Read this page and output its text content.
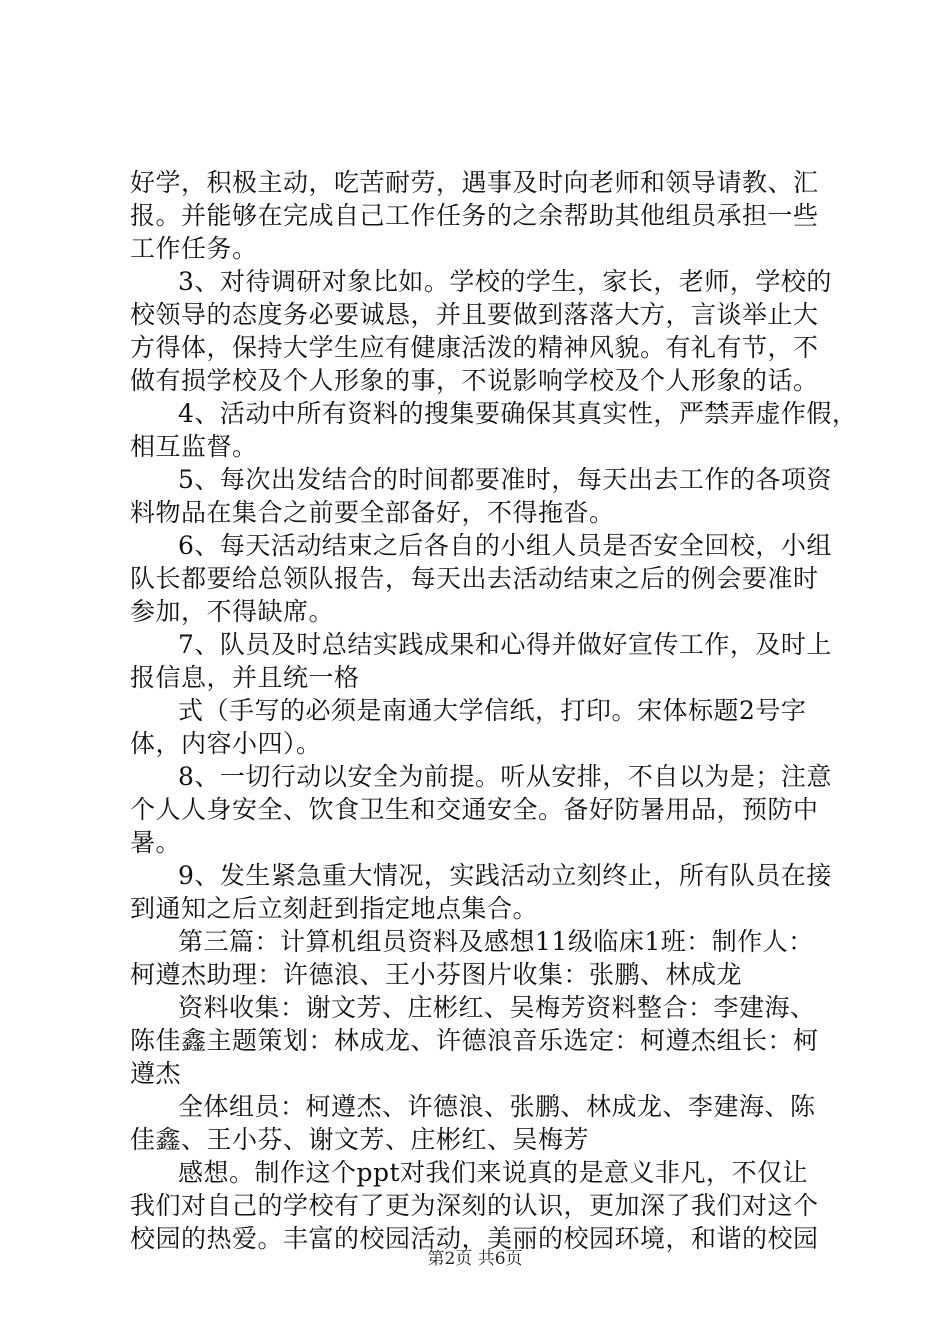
好学，积极主动，吃苦耐劳，遇事及时向老师和领导请教、汇
报。并能够在完成自己工作任务的之余帮助其他组员承担一些
工作任务。
3、对待调研对象比如。学校的学生，家长，老师，学校的
校领导的态度务必要诚恳，并且要做到落落大方，言谈举止大
方得体，保持大学生应有健康活泼的精神风貌。有礼有节，不
做有损学校及个人形象的事，不说影响学校及个人形象的话。
4、活动中所有资料的搜集要确保其真实性，严禁弄虚作假，
相互监督。
5、每次出发结合的时间都要准时，每天出去工作的各项资
料物品在集合之前要全部备好，不得拖沓。
6、每天活动结束之后各自的小组人员是否安全回校，小组
队长都要给总领队报告，每天出去活动结束之后的例会要准时
参加，不得缺席。
7、队员及时总结实践成果和心得并做好宣传工作，及时上
报信息，并且统一格
式（手写的必须是南通大学信纸，打印。宋体标题2号字
体，内容小四）。
8、一切行动以安全为前提。听从安排，不自以为是；注意
个人人身安全、饮食卫生和交通安全。备好防暑用品，预防中
暑。
9、发生紧急重大情况，实践活动立刻终止，所有队员在接
到通知之后立刻赶到指定地点集合。
第三篇：计算机组员资料及感想11级临床1班：制作人：
柯遵杰助理：许德浪、王小芬图片收集：张鹏、林成龙
资料收集：谢文芳、庄彬红、吴梅芳资料整合：李建海、
陈佳鑫主题策划：林成龙、许德浪音乐选定：柯遵杰组长：柯
遵杰
全体组员：柯遵杰、许德浪、张鹏、林成龙、李建海、陈
佳鑫、王小芬、谢文芳、庄彬红、吴梅芳
感想。制作这个ppt对我们来说真的是意义非凡，不仅让
我们对自己的学校有了更为深刻的认识，更加深了我们对这个
校园的热爱。丰富的校园活动，美丽的校园环境，和谐的校园
第2页 共6页
